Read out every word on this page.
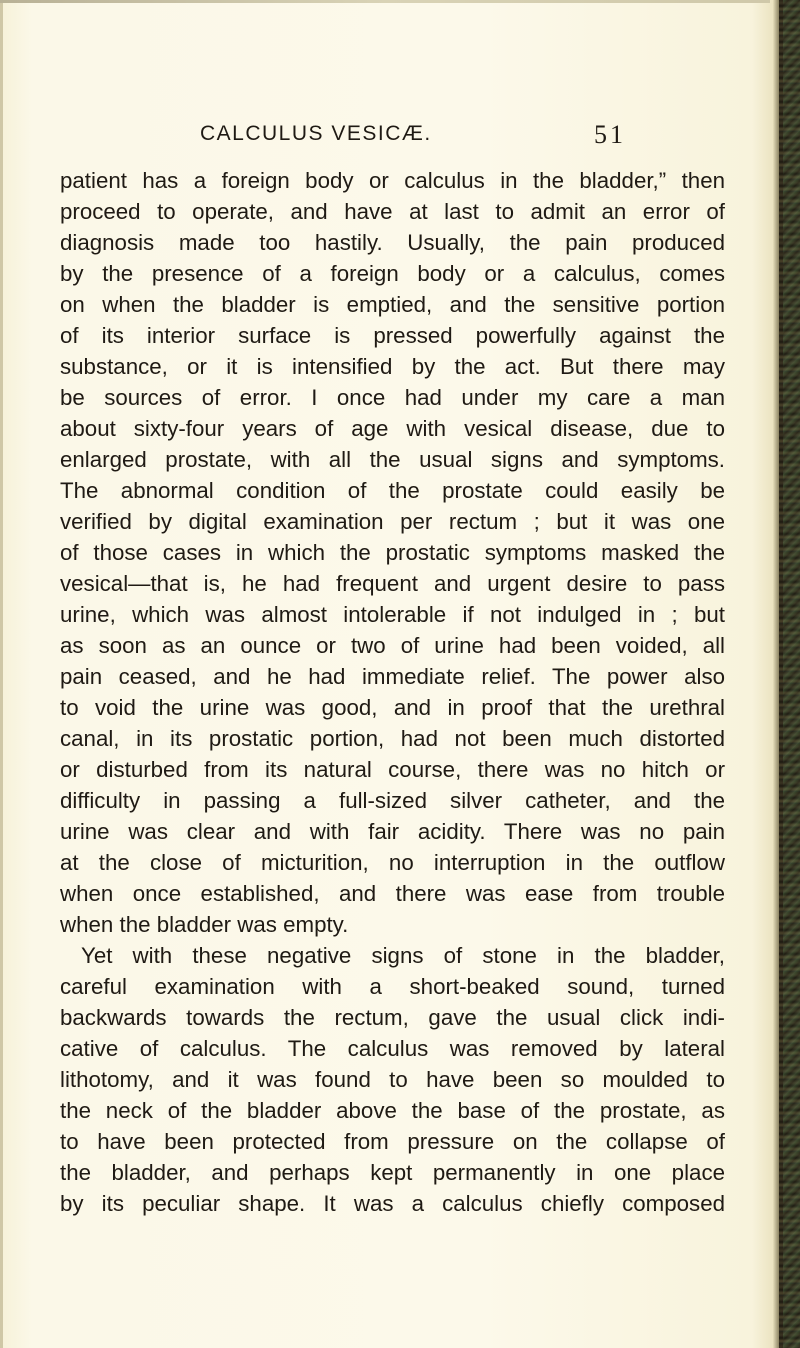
CALCULUS VESICÆ.	51
patient has a foreign body or calculus in the bladder,” then
proceed to operate, and have at last to admit an error of
diagnosis made too hastily. Usually, the pain produced
by the presence of a foreign body or a calculus, comes
on when the bladder is emptied, and the sensitive portion
of its interior surface is pressed powerfully against the
substance, or it is intensified by the act. But there may
be sources of error. I once had under my care a man
about sixty-four years of age with vesical disease, due to
enlarged prostate, with all the usual signs and symptoms.
The abnormal condition of the prostate could easily be
verified by digital examination per rectum ; but it was one
of those cases in which the prostatic symptoms masked the
vesical—that is, he had frequent and urgent desire to pass
urine, which was almost intolerable if not indulged in ; but
as soon as an ounce or two of urine had been voided, all
pain ceased, and he had immediate relief. The power also
to void the urine was good, and in proof that the urethral
canal, in its prostatic portion, had not been much distorted
or disturbed from its natural course, there was no hitch or
difficulty in passing a full-sized silver catheter, and the
urine was clear and with fair acidity. There was no pain
at the close of micturition, no interruption in the outflow
when once established, and there was ease from trouble
when the bladder was empty.
Yet with these negative signs of stone in the bladder,
careful examination with a short-beaked sound, turned
backwards towards the rectum, gave the usual click indi-
cative of calculus. The calculus was removed by lateral
lithotomy, and it was found to have been so moulded to
the neck of the bladder above the base of the prostate, as
to have been protected from pressure on the collapse of
the bladder, and perhaps kept permanently in one place
by its peculiar shape. It was a calculus chiefly composed
